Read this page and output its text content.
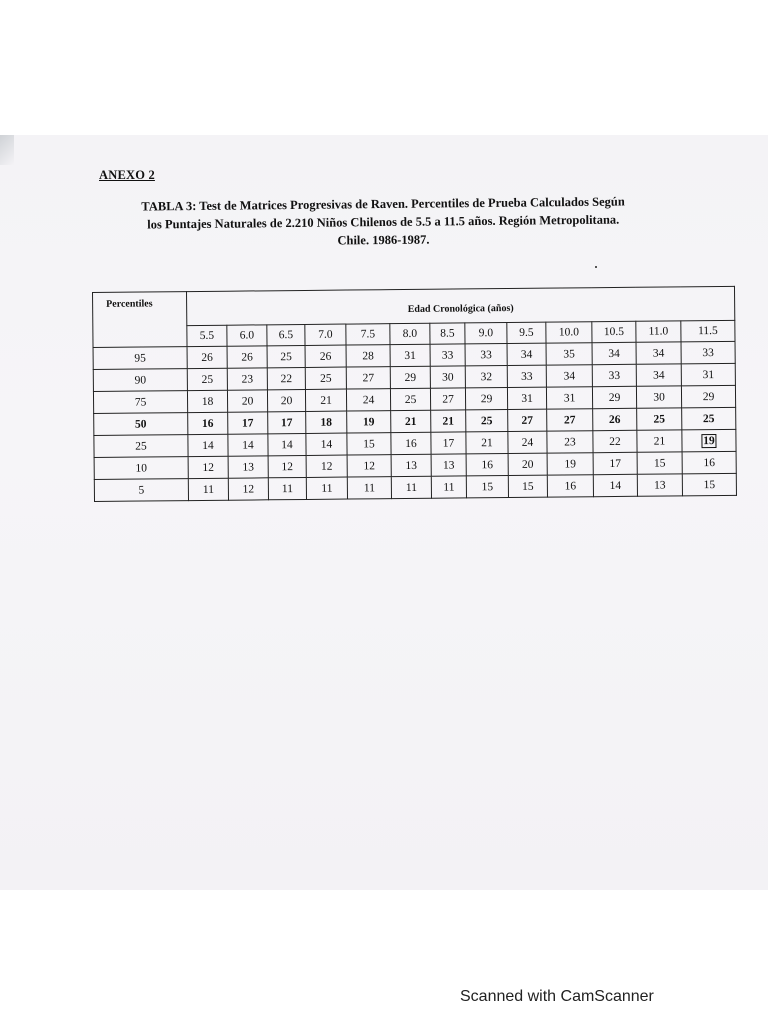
ANEXO 2
TABLA 3: Test de Matrices Progresivas de Raven. Percentiles de Prueba Calculados Según
los Puntajes Naturales de 2.210 Niños Chilenos de 5.5 a 11.5 años. Región Metropolitana.
Chile. 1986-1987.
Percentiles	Edad Cronológica (años)												
	5.5	6.0	6.5	7.0	7.5	8.0	8.5	9.0	9.5	10.0	10.5	11.0	11.5
95	26	26	25	26	28	31	33	33	34	35	34	34	33
90	25	23	22	25	27	29	30	32	33	34	33	34	31
75	18	20	20	21	24	25	27	29	31	31	29	30	29
50	16	17	17	18	19	21	21	25	27	27	26	25	25
25	14	14	14	14	15	16	17	21	24	23	22	21	19
10	12	13	12	12	12	13	13	16	20	19	17	15	16
5	11	12	11	11	11	11	11	15	15	16	14	13	15
Scanned with CamScanner
